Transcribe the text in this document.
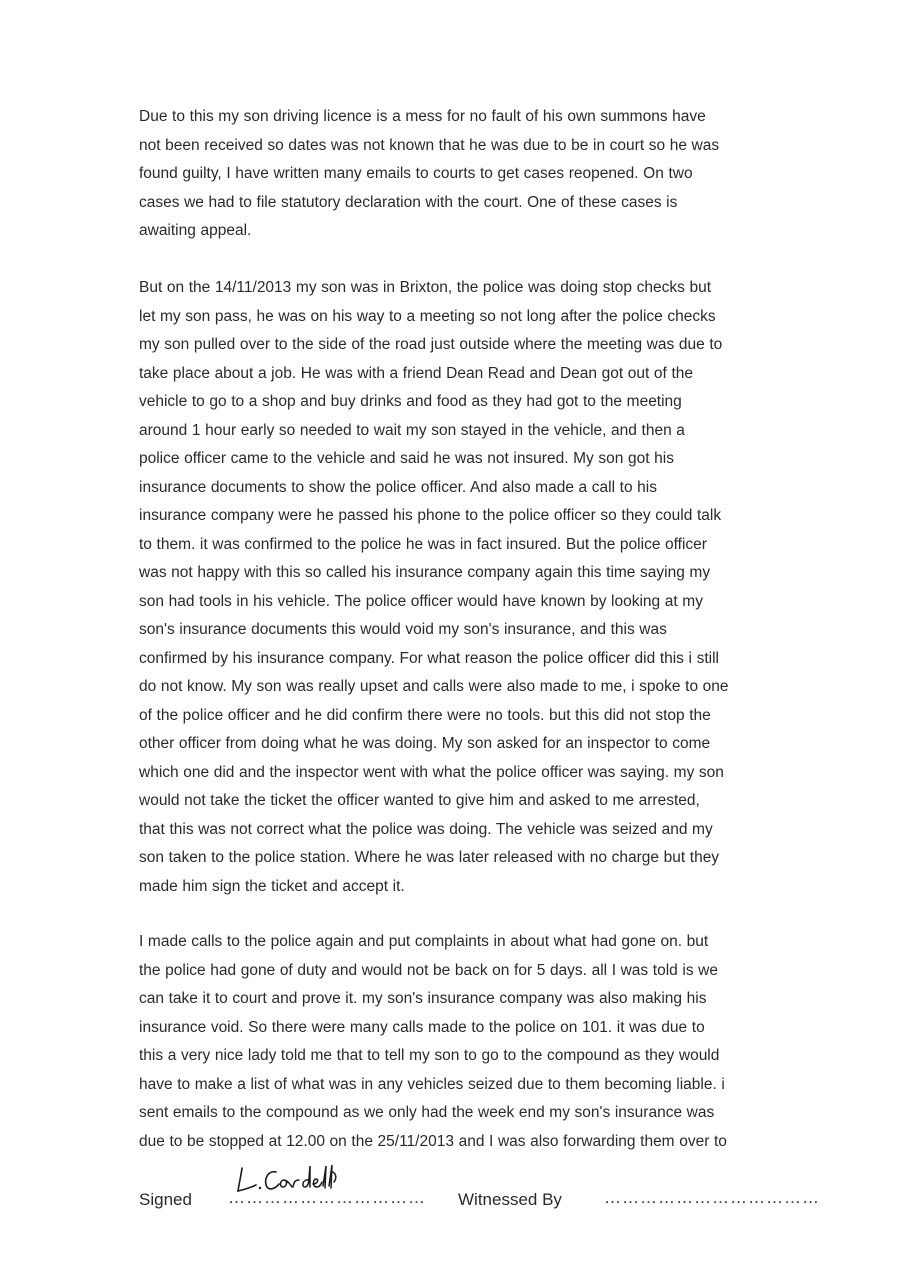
Due to this my son driving licence is a mess for no fault of his own summons have
not been received so dates was not known that he was due to be in court so he was
found guilty, I have written many emails to courts to get cases reopened. On two
cases we had to file statutory declaration with the court. One of these cases is
awaiting appeal.
But on the 14/11/2013 my son was in Brixton, the police was doing stop checks but
let my son pass, he was on his way to a meeting so not long after the police checks
my son pulled over to the side of the road just outside where the meeting was due to
take place about a job. He was with a friend Dean Read and Dean got out of the
vehicle to go to a shop and buy drinks and food as they had got to the meeting
around 1 hour early so needed to wait my son stayed in the vehicle, and then a
police officer came to the vehicle and said he was not insured. My son got his
insurance documents to show the police officer. And also made a call to his
insurance company were he passed his phone to the police officer so they could talk
to them. it was confirmed to the police he was in fact insured. But the police officer
was not happy with this so called his insurance company again this time saying my
son had tools in his vehicle. The police officer would have known by looking at my
son's insurance documents this would void my son's insurance, and this was
confirmed by his insurance company. For what reason the police officer did this i still
do not know. My son was really upset and calls were also made to me, i spoke to one
of the police officer and he did confirm there were no tools. but this did not stop the
other officer from doing what he was doing. My son asked for an inspector to come
which one did and the inspector went with what the police officer was saying. my son
would not take the ticket the officer wanted to give him and asked to me arrested,
that this was not correct what the police was doing. The vehicle was seized and my
son taken to the police station. Where he was later released with no charge but they
made him sign the ticket and accept it.
I made calls to the police again and put complaints in about what had gone on. but
the police had gone of duty and would not be back on for 5 days. all I was told is we
can take it to court and prove it. my son's insurance company was also making his
insurance void. So there were many calls made to the police on 101. it was due to
this a very nice lady told me that to tell my son to go to the compound as they would
have to make a list of what was in any vehicles seized due to them becoming liable. i
sent emails to the compound as we only had the week end my son's insurance was
due to be stopped at 12.00 on the 25/11/2013 and I was also forwarding them over to
Signed …………………………… Witnessed By ………………………………
